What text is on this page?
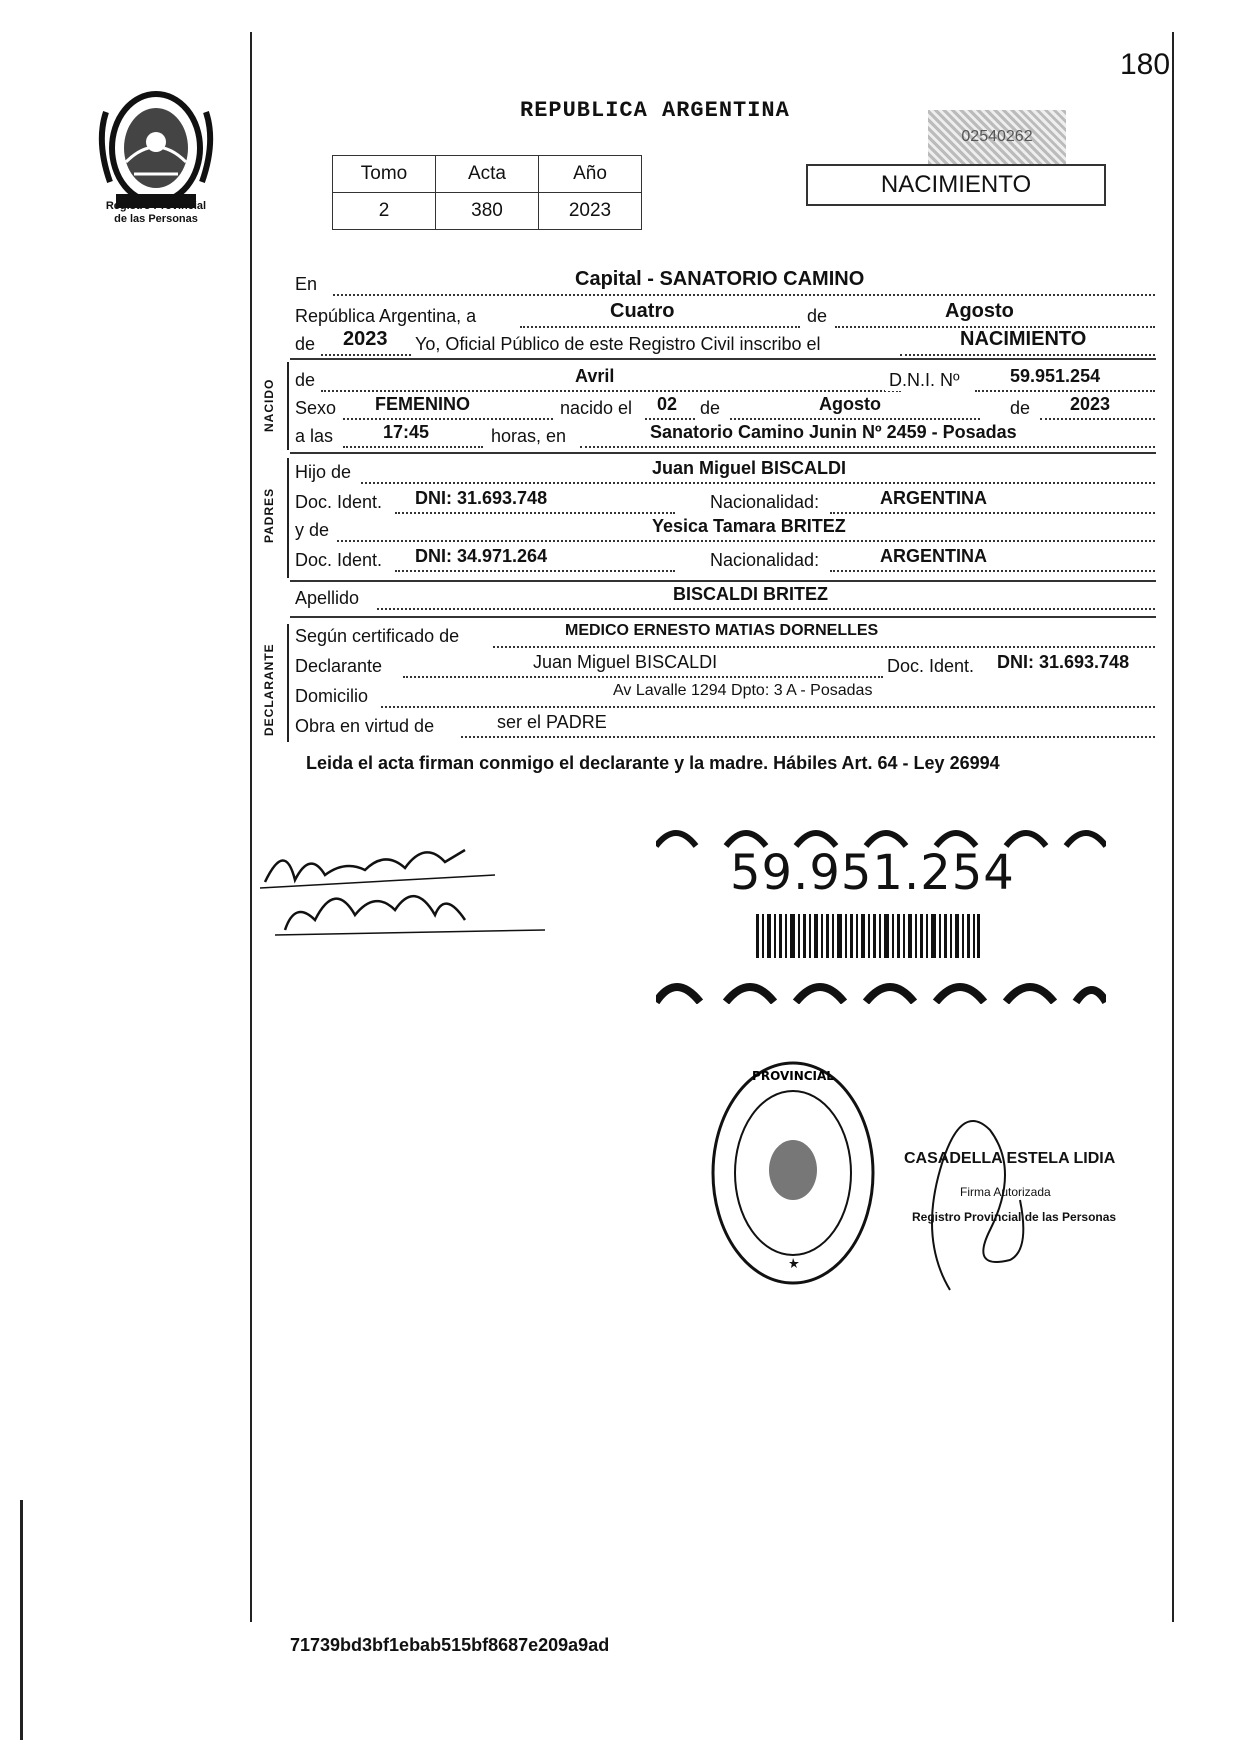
180
Registro Provincial
de las Personas
REPUBLICA ARGENTINA
02540262
Tomo	Acta	Año
2	380	2023
NACIMIENTO
En	Capital - SANATORIO CAMINO
República Argentina, a	Cuatro	de	Agosto
de 2023 Yo, Oficial Público de este Registro Civil inscribo el	NACIMIENTO
NACIDO de	Avril	D.N.I. Nº	59.951.254
Sexo FEMENINO	nacido el 02 de	Agosto	de 2023
a las	17:45	horas, en	Sanatorio Camino Junin Nº 2459 - Posadas
PADRES
Hijo de	Juan Miguel BISCALDI
Doc. Ident. DNI: 31.693.748	Nacionalidad:	ARGENTINA
y de	Yesica Tamara BRITEZ
Doc. Ident. DNI: 34.971.264	Nacionalidad:	ARGENTINA
Apellido	BISCALDI BRITEZ
DECLARANTE
Según certificado de	MEDICO ERNESTO MATIAS DORNELLES
Declarante	Juan Miguel BISCALDI	Doc. Ident. DNI: 31.693.748
Domicilio	Av Lavalle 1294 Dpto: 3 A - Posadas
Obra en virtud de	ser el PADRE
Leida el acta firman conmigo el declarante y la madre. Hábiles Art. 64 - Ley 26994
59.951.254
PROVINCIAL
CASADELLA ESTELA LIDIA
Firma Autorizada
Registro Provincial de las Personas
71739bd3bf1ebab515bf8687e209a9ad
